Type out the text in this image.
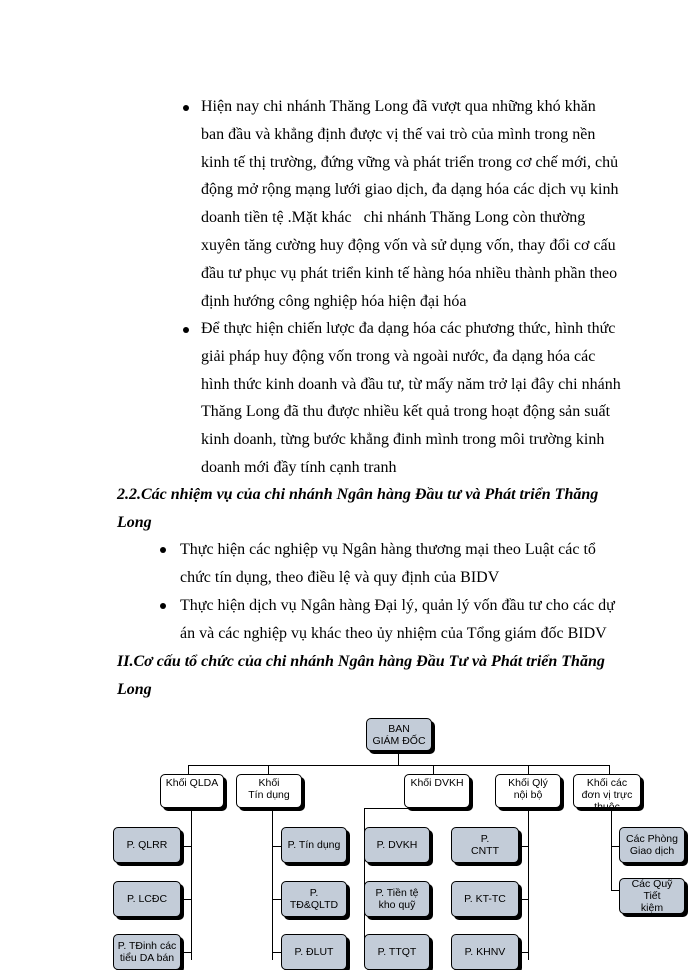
Hiện nay chi nhánh Thăng Long đã vượt qua những khó khăn
ban đầu và khẳng định được vị thế vai trò của mình trong nền
kinh tế thị trường, đứng vững và phát triển trong cơ chế mới, chủ
động mở rộng mạng lưới giao dịch, đa dạng hóa các dịch vụ kinh
doanh tiền tệ .Mặt khác   chi nhánh Thăng Long còn thường
xuyên tăng cường huy động vốn và sử dụng vốn, thay đổi cơ cấu
đầu tư phục vụ phát triển kinh tế hàng hóa nhiều thành phần theo
định hướng công nghiệp hóa hiện đại hóa
Để thực hiện chiến lược đa dạng hóa các phương thức, hình thức
giải pháp huy động vốn trong và ngoài nước, đa dạng hóa các
hình thức kinh doanh và đầu tư, từ mấy năm trở lại đây chi nhánh
Thăng Long đã thu được nhiều kết quả trong hoạt động sản suất
kinh doanh, từng bước khẳng đinh mình trong môi trường kinh
doanh mới đầy tính cạnh tranh
2.2.Các nhiệm vụ của chi nhánh Ngân hàng Đầu tư và Phát triển Thăng
Long
Thực hiện các nghiệp vụ Ngân hàng thương mại theo Luật các tổ
chức tín dụng, theo điều lệ và quy định của BIDV
Thực hiện dịch vụ Ngân hàng Đại lý, quản lý vốn đầu tư cho các dự
án và các nghiệp vụ khác theo ủy nhiệm của Tổng giám đốc BIDV
II.Cơ cấu tổ chức của chi nhánh Ngân hàng Đầu Tư và Phát triển Thăng
Long
BAN
GIÁM ĐỐC
Khối QLDA	Khối
Tín dụng
Khối DVKH	Khối Qlý
nội bộ
Khối các
đơn vị trực
thuộc
P. QLRR
P. LCĐC
P. TĐinh các
tiểu DA bán
P. Tín dụng
P.
TĐ&QLTD
P. ĐLUT
P. DVKH
P. Tiền tệ
kho quỹ
P. TTQT
P.
CNTT
P. KT-TC
P. KHNV
Các Phòng
Giao dịch
Các Quỹ Tiết
kiệm
